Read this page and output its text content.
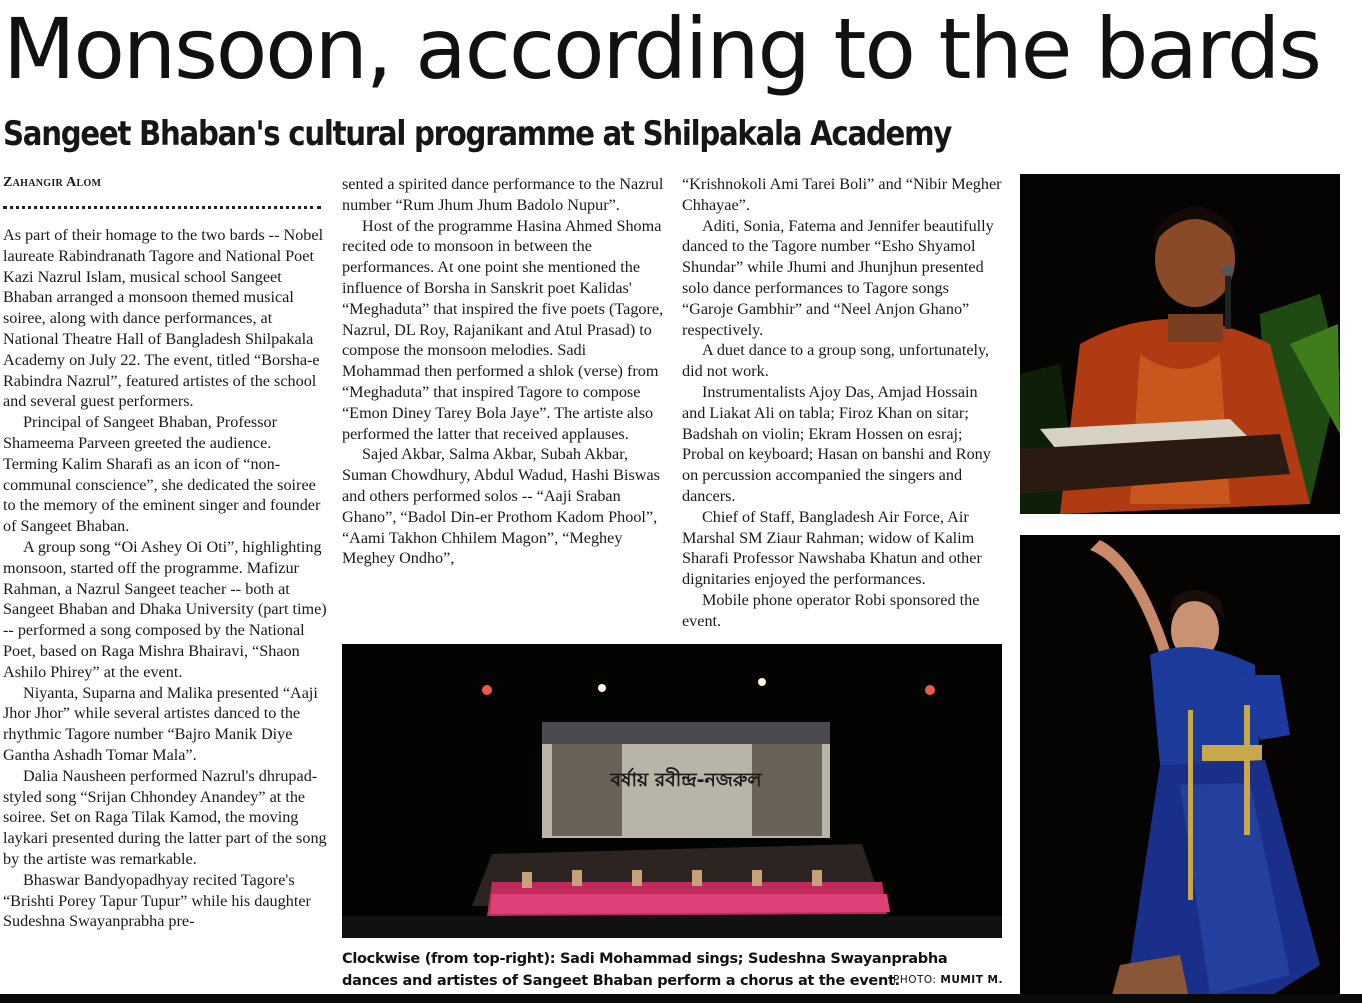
Monsoon, according to the bards
Sangeet Bhaban's cultural programme at Shilpakala Academy
Zahangir Alom

As part of their homage to the two bards -- Nobel laureate Rabindranath Tagore and National Poet Kazi Nazrul Islam, musical school Sangeet Bhaban arranged a monsoon themed musical soiree, along with dance performances, at National Theatre Hall of Bangladesh Shilpakala Academy on July 22. The event, titled “Borsha-e Rabindra Nazrul”, featured artistes of the school and several guest performers.

Principal of Sangeet Bhaban, Professor Shameema Parveen greeted the audience. Terming Kalim Sharafi as an icon of “non-communal conscience”, she dedicated the soiree to the memory of the eminent singer and founder of Sangeet Bhaban.

A group song “Oi Ashey Oi Oti”, highlighting monsoon, started off the programme. Mafizur Rahman, a Nazrul Sangeet teacher -- both at Sangeet Bhaban and Dhaka University (part time) -- performed a song composed by the National Poet, based on Raga Mishra Bhairavi, “Shaon Ashilo Phirey” at the event.

Niyanta, Suparna and Malika presented “Aaji Jhor Jhor” while several artistes danced to the rhythmic Tagore number “Bajro Manik Diye Gantha Ashadh Tomar Mala”.

Dalia Nausheen performed Nazrul's dhrupad-styled song “Srijan Chhondey Anandey” at the soiree. Set on Raga Tilak Kamod, the moving laykari presented during the latter part of the song by the artiste was remarkable.

Bhaswar Bandyopadhyay recited Tagore's “Brishti Porey Tapur Tupur” while his daughter Sudeshna Swayanprabha pre-

sented a spirited dance performance to the Nazrul number “Rum Jhum Jhum Badolo Nupur”.

Host of the programme Hasina Ahmed Shoma recited ode to monsoon in between the performances. At one point she mentioned the influence of Borsha in Sanskrit poet Kalidas' “Meghaduta” that inspired the five poets (Tagore, Nazrul, DL Roy, Rajanikant and Atul Prasad) to compose the monsoon melodies. Sadi Mohammad then performed a shlok (verse) from “Meghaduta” that inspired Tagore to compose “Emon Diney Tarey Bola Jaye”. The artiste also performed the latter that received applauses.

Sajed Akbar, Salma Akbar, Subah Akbar, Suman Chowdhury, Abdul Wadud, Hashi Biswas and others performed solos -- “Aaji Sraban Ghano”, “Badol Din-er Prothom Kadom Phool”, “Aami Takhon Chhilem Magon”, “Meghey Meghey Ondho”,

“Krishnokoli Ami Tarei Boli” and “Nibir Megher Chhayae”.

Aditi, Sonia, Fatema and Jennifer beautifully danced to the Tagore number “Esho Shyamol Shundar” while Jhumi and Jhunjhun presented solo dance performances to Tagore songs “Garoje Gambhir” and “Neel Anjon Ghano” respectively.

A duet dance to a group song, unfortunately, did not work.

Instrumentalists Ajoy Das, Amjad Hossain and Liakat Ali on tabla; Firoz Khan on sitar; Badshah on violin; Ekram Hossen on esraj; Probal on keyboard; Hasan on banshi and Rony on percussion accompanied the singers and dancers.

Chief of Staff, Bangladesh Air Force, Air Marshal SM Ziaur Rahman; widow of Kalim Sharafi Professor Nawshaba Khatun and other dignitaries enjoyed the performances.

Mobile phone operator Robi sponsored the event.

বর্ষায় রবীন্দ্র-নজরুল

Clockwise (from top-right): Sadi Mohammad sings; Sudeshna Swayanprabha dances and artistes of Sangeet Bhaban perform a chorus at the event.

PHOTO: MUMIT M.
